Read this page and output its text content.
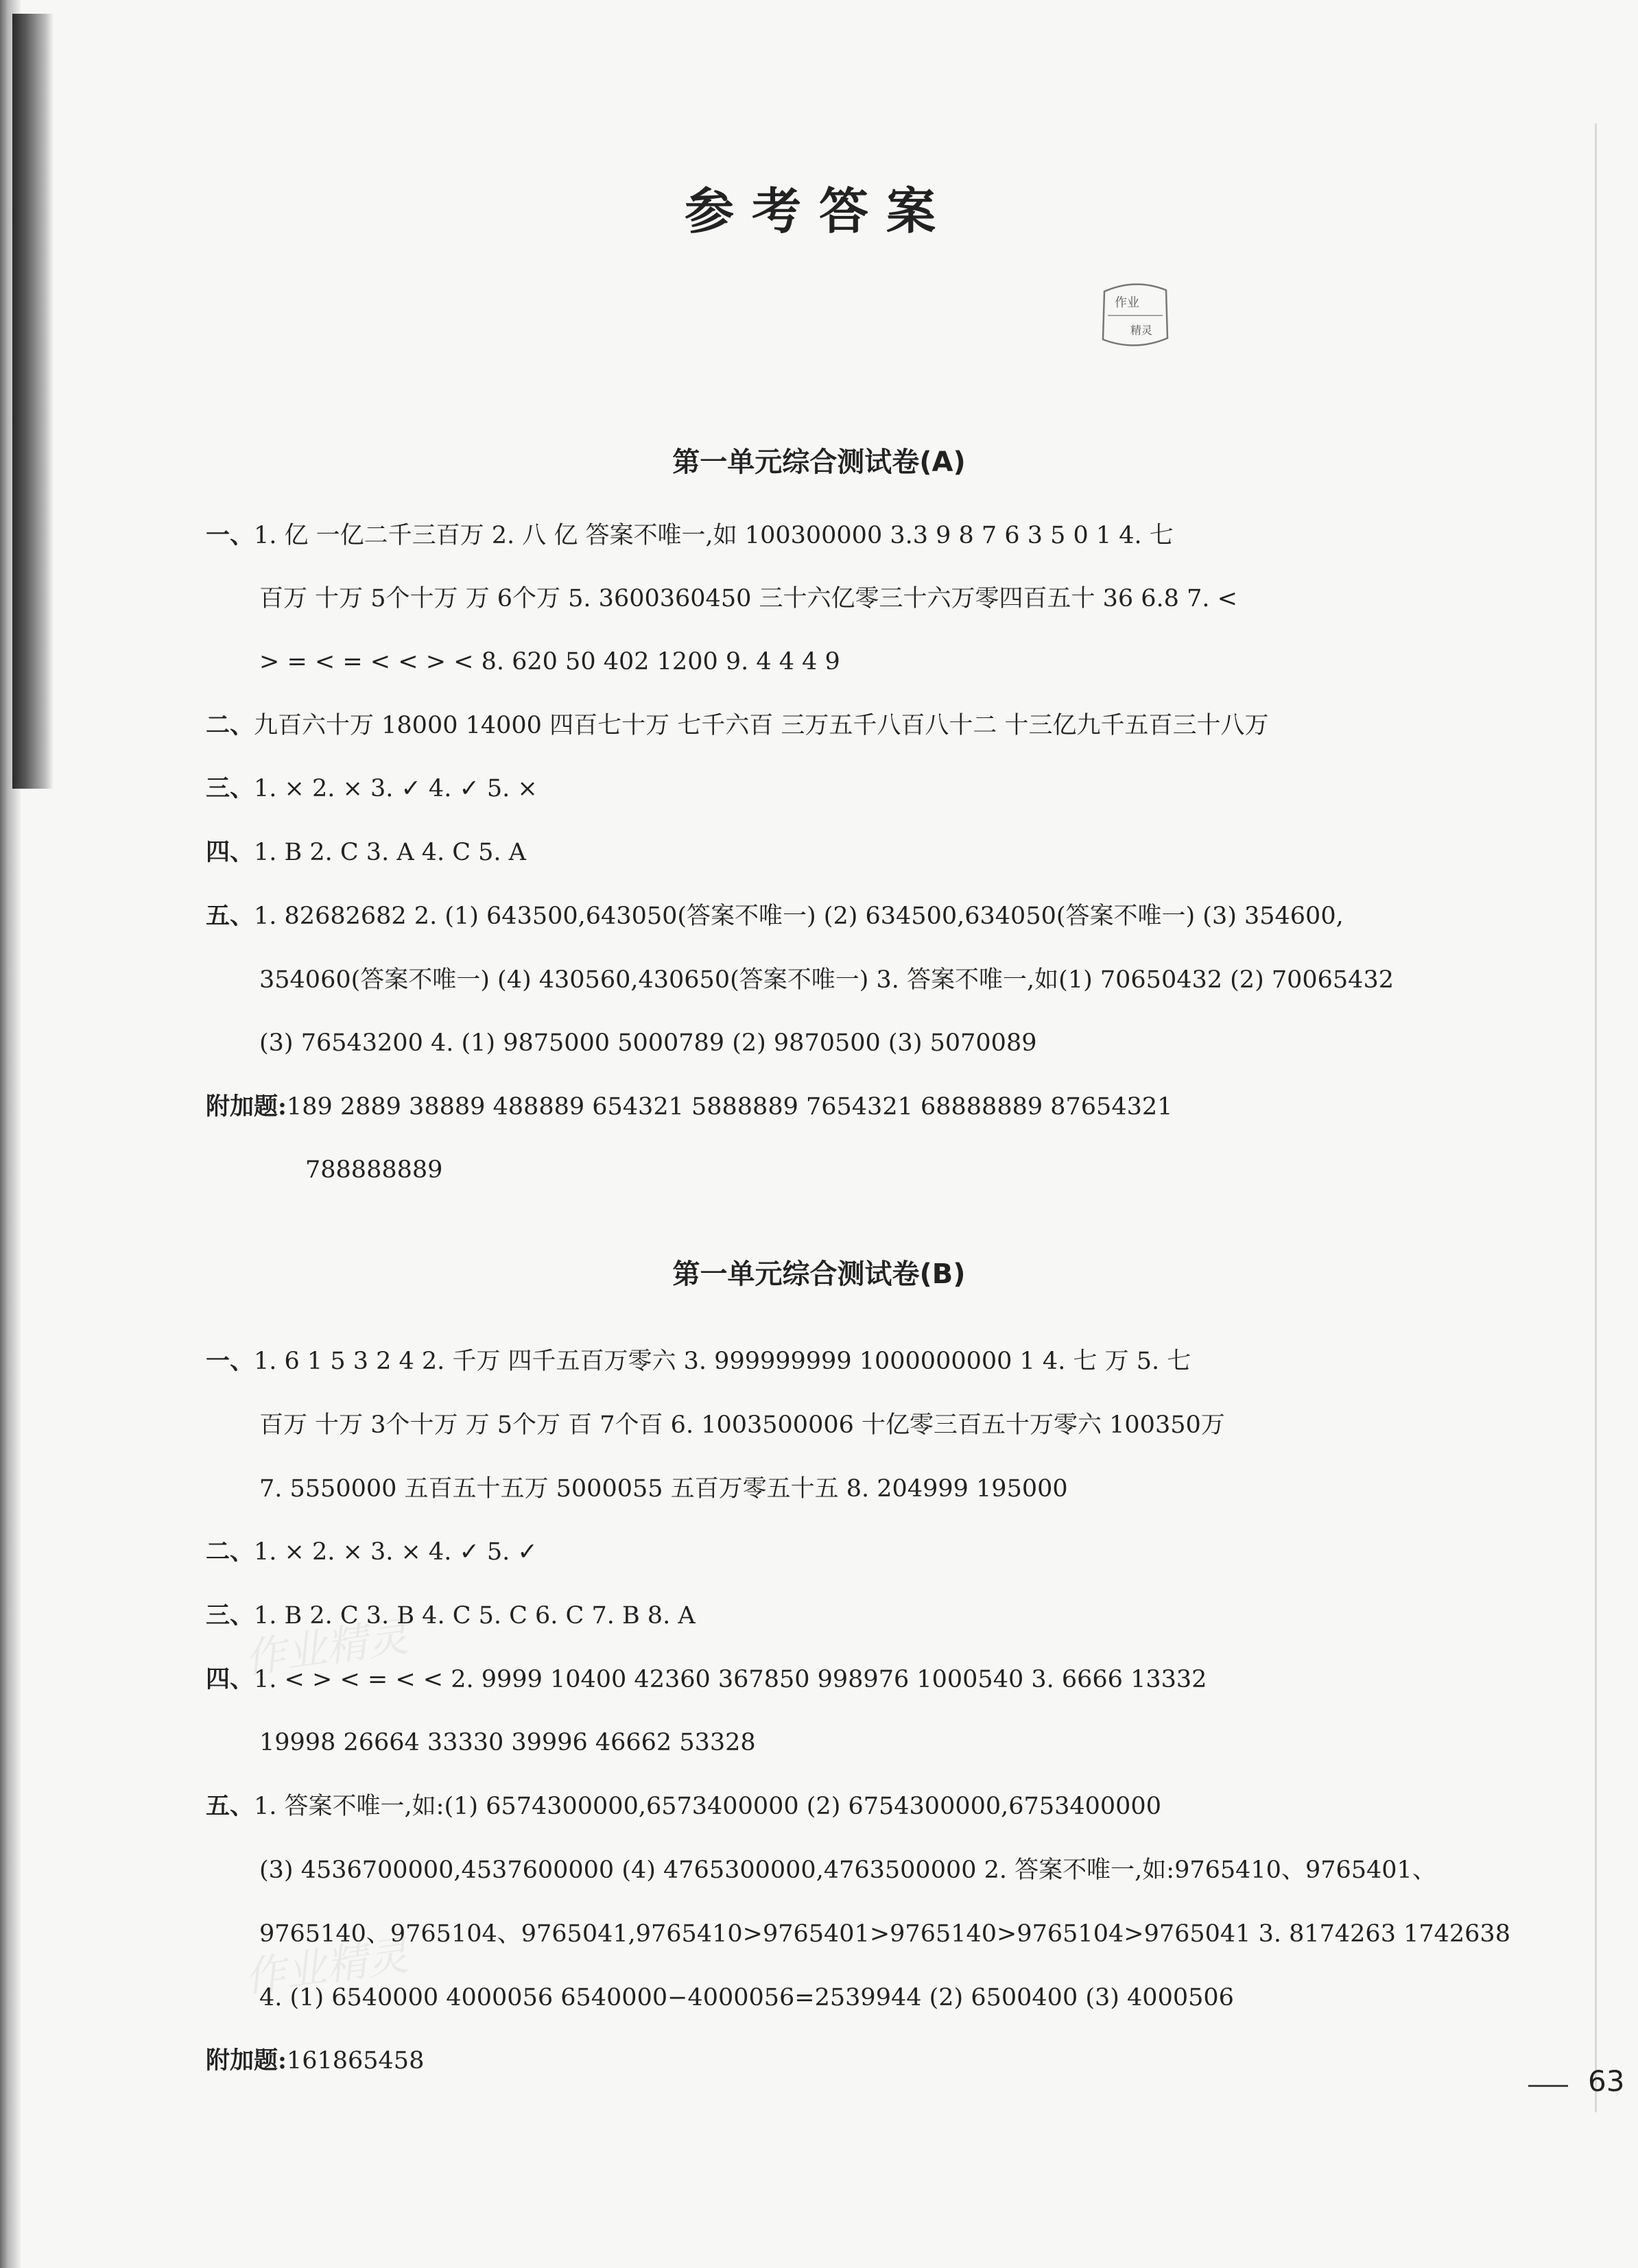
参考答案
作业
精灵
第一单元综合测试卷(A)
一、1. 亿 一亿二千三百万 2. 八 亿 答案不唯一,如 100300000 3.3 9 8 7 6 3 5 0 1 4. 七
百万 十万 5个十万 万 6个万 5. 3600360450 三十六亿零三十六万零四百五十 36 6.8 7. <
> = < = < < > < 8. 620 50 402 1200 9. 4 4 4 9
二、九百六十万 18000 14000 四百七十万 七千六百 三万五千八百八十二 十三亿九千五百三十八万
三、1. × 2. × 3. ✓ 4. ✓ 5. ×
四、1. B 2. C 3. A 4. C 5. A
五、1. 82682682 2. (1) 643500,643050(答案不唯一) (2) 634500,634050(答案不唯一) (3) 354600,
354060(答案不唯一) (4) 430560,430650(答案不唯一) 3. 答案不唯一,如(1) 70650432 (2) 70065432
(3) 76543200 4. (1) 9875000 5000789 (2) 9870500 (3) 5070089
附加题:189 2889 38889 488889 654321 5888889 7654321 68888889 87654321
788888889
第一单元综合测试卷(B)
一、1. 6 1 5 3 2 4 2. 千万 四千五百万零六 3. 999999999 1000000000 1 4. 七 万 5. 七
百万 十万 3个十万 万 5个万 百 7个百 6. 1003500006 十亿零三百五十万零六 100350万
7. 5550000 五百五十五万 5000055 五百万零五十五 8. 204999 195000
二、1. × 2. × 3. × 4. ✓ 5. ✓
三、1. B 2. C 3. B 4. C 5. C 6. C 7. B 8. A
四、1. < > < = < < 2. 9999 10400 42360 367850 998976 1000540 3. 6666 13332
19998 26664 33330 39996 46662 53328
五、1. 答案不唯一,如:(1) 6574300000,6573400000 (2) 6754300000,6753400000
(3) 4536700000,4537600000 (4) 4765300000,4763500000 2. 答案不唯一,如:9765410、9765401、
9765140、9765104、9765041,9765410>9765401>9765140>9765104>9765041 3. 8174263 1742638
4. (1) 6540000 4000056 6540000−4000056=2539944 (2) 6500400 (3) 4000506
附加题:161865458
作业精灵
作业精灵
63
